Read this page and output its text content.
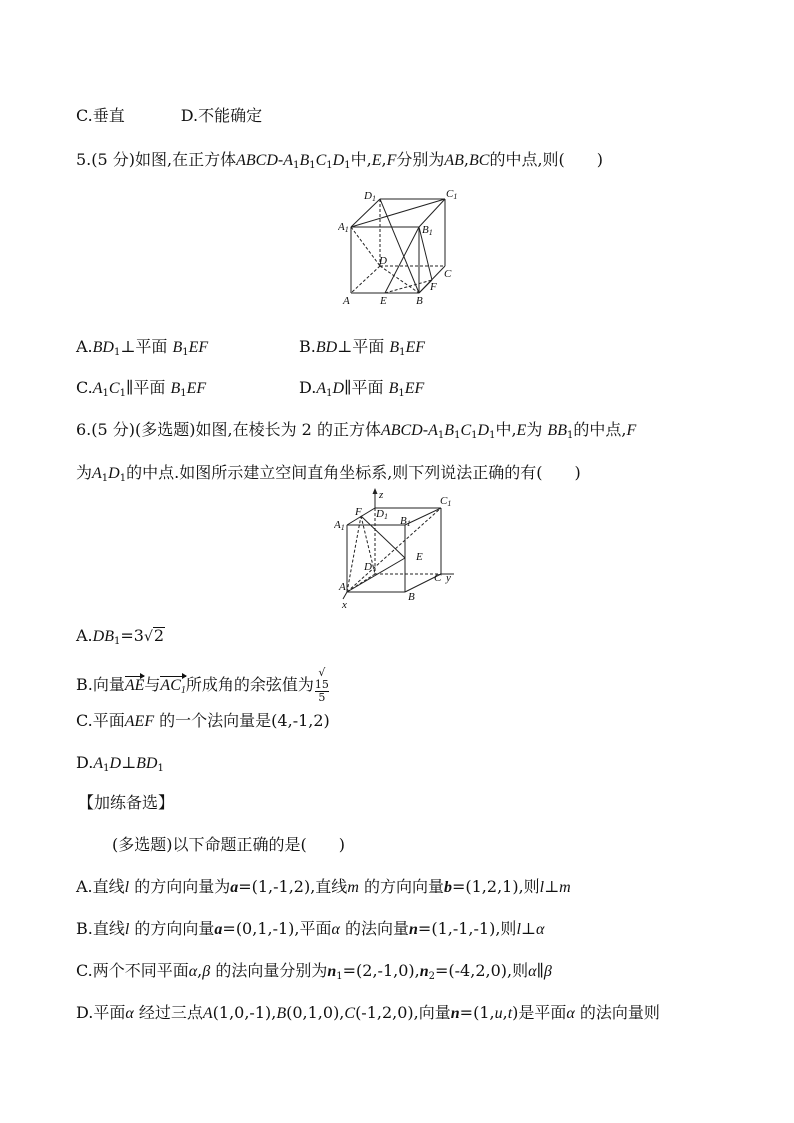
C.垂直	D.不能确定
5.(5 分)如图,在正方体ABCD-$A_1B_1C_1D_1$中,E,F分别为AB,BC的中点,则(　　)
D1	C1
A1	B1
D
C
A	E	B
F
$A.BD_1\perp$平面 $B_1EF$	B.BD⊥平面 $B_1EF$
$C.A_1C_1\parallel$平面 $B_1EF$	$D.A_1D\parallel$平面 $B_1EF$
6.(5 分)(多选题)如图,在棱长为 2 的正方体ABCD-$A_1B_1C_1D_1$中,E为 $BB_1$的中点,F
为$A_1D_1$的中点.如图所示建立空间直角坐标系,则下列说法正确的有(　　)
z	C1
F D1
A1
B1
E
D
C y
A
B
x
$A.DB_1=3√2$
B.向量AE与$AC_1$所成角的余弦值为 √
15
5
C.平面AEF 的一个法向量是(4,-1,2)
$D.A_1D\perp BD_1$
【加练备选】
(多选题)以下命题正确的是(　　)
A.直线l 的方向向量为a=(1,-1,2),直线m 的方向向量b=(1,2,1),则l⊥m
B.直线l 的方向向量a=(0,1,-1),平面α 的法向量n=(1,-1,-1),则l⊥α
C.两个不同平面α,β 的法向量分别为$n_1=(2,-1,0),n_2=(-4,2,0)$,则α∥β
D.平面α 经过三点A(1,0,-1),B(0,1,0),C(-1,2,0),向量n=(1,u,t)是平面α 的法向量则
